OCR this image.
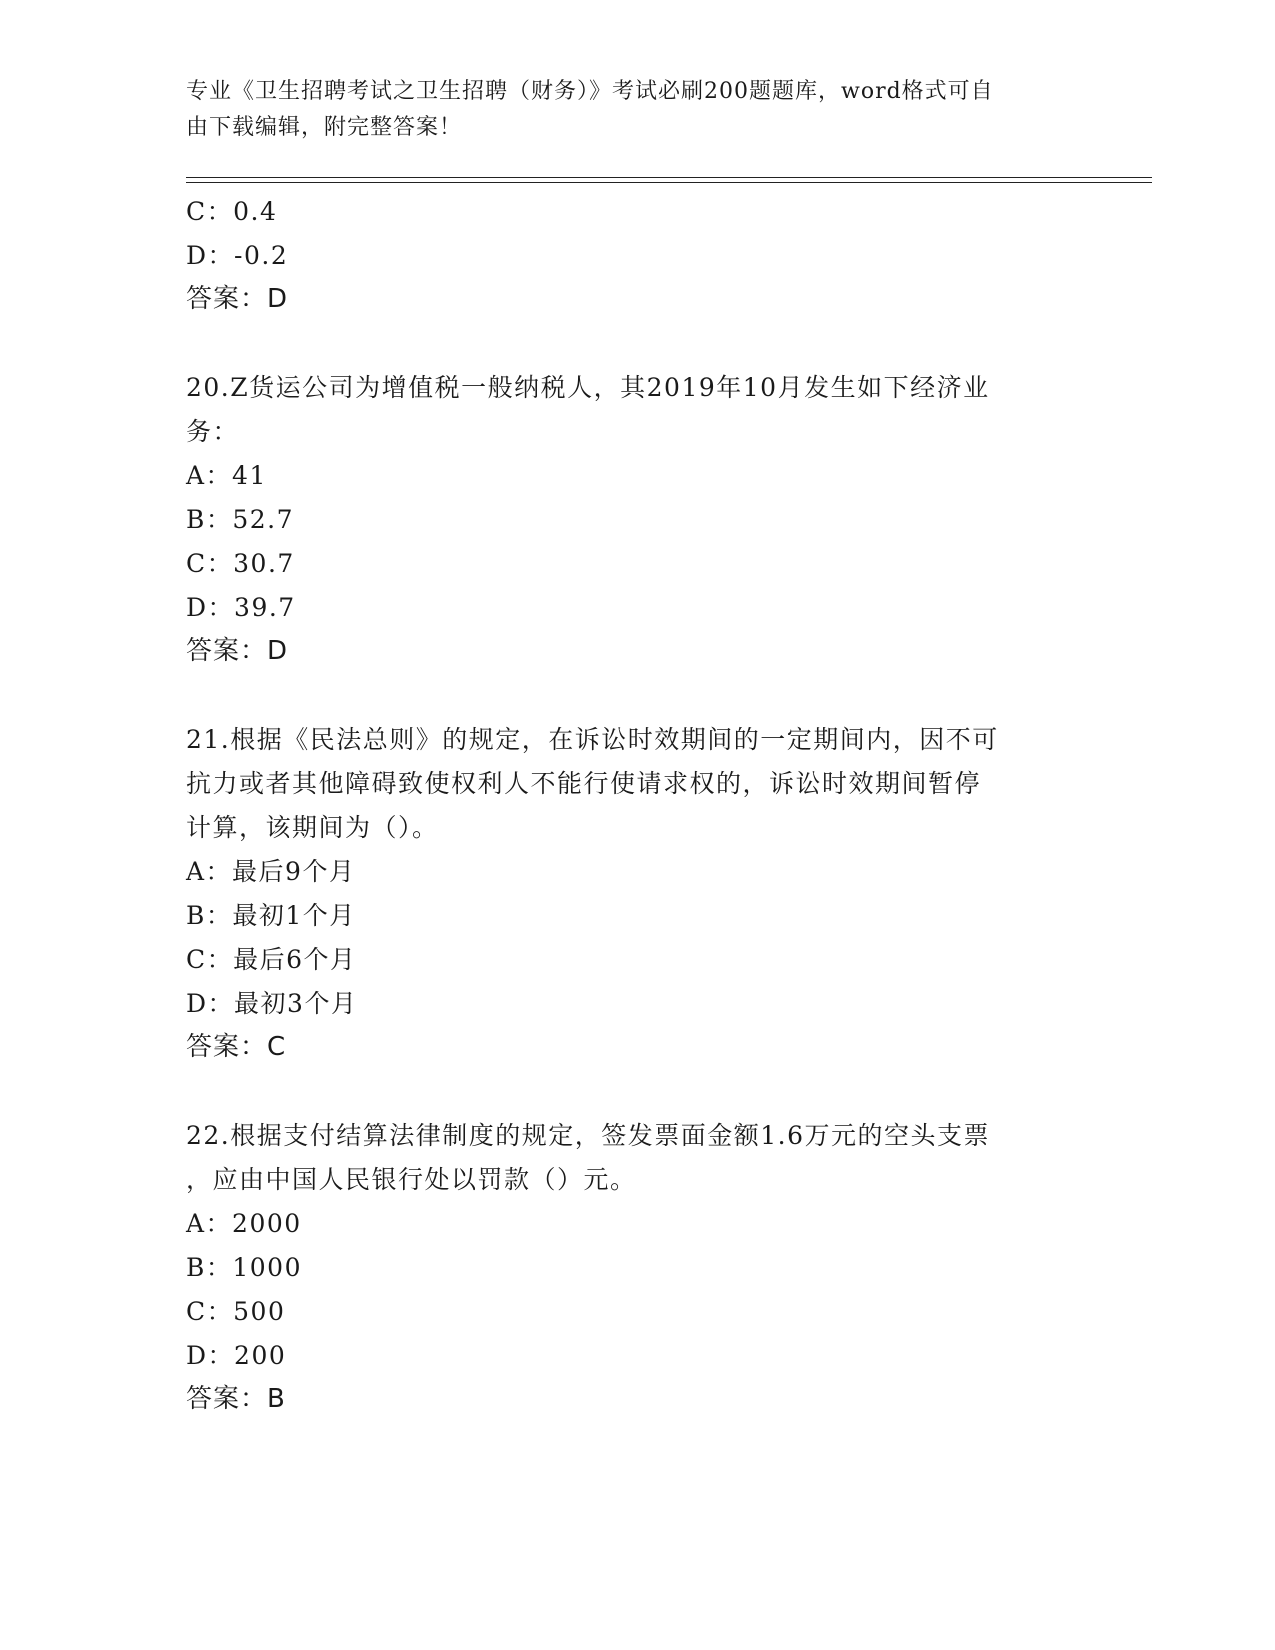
专业《卫生招聘考试之卫生招聘（财务）》考试必刷200题题库，word格式可自
由下载编辑，附完整答案！
C：0.4
D：-0.2
答案：D
20.Z货运公司为增值税一般纳税人，其2019年10月发生如下经济业
务：
A：41
B：52.7
C：30.7
D：39.7
答案：D
21.根据《民法总则》的规定，在诉讼时效期间的一定期间内，因不可
抗力或者其他障碍致使权利人不能行使请求权的，诉讼时效期间暂停
计算，该期间为（）。
A：最后9个月
B：最初1个月
C：最后6个月
D：最初3个月
答案：C
22.根据支付结算法律制度的规定，签发票面金额1.6万元的空头支票
，应由中国人民银行处以罚款（）元。
A：2000
B：1000
C：500
D：200
答案：B
